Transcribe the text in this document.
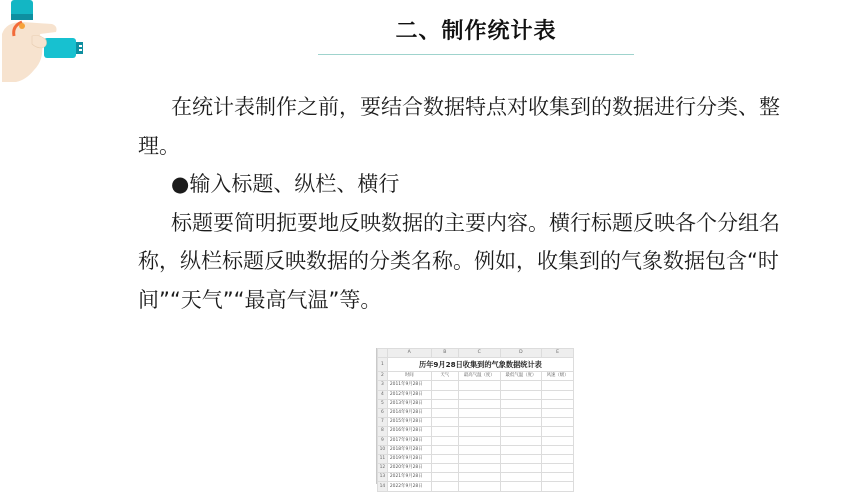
二、制作统计表

在统计表制作之前，要结合数据特点对收集到的数据进行分类、整理。

●输入标题、纵栏、横行

标题要简明扼要地反映数据的主要内容。横行标题反映各个分组名称，纵栏标题反映数据的分类名称。例如，收集到的气象数据包含“时间”“天气”“最高气温”等。

	A	B	C	D	E
1	历年9月28日收集到的气象数据统计表				
2	时间	天气	最高气温（度）	最低气温（度）	风速（级）
3	2011年9月28日				
4	2012年9月28日				
5	2013年9月28日				
6	2014年9月28日				
7	2015年9月28日				
8	2016年9月28日				
9	2017年9月28日				
10	2018年9月28日				
11	2019年9月28日				
12	2020年9月28日				
13	2021年9月28日				
14	2022年9月28日				
